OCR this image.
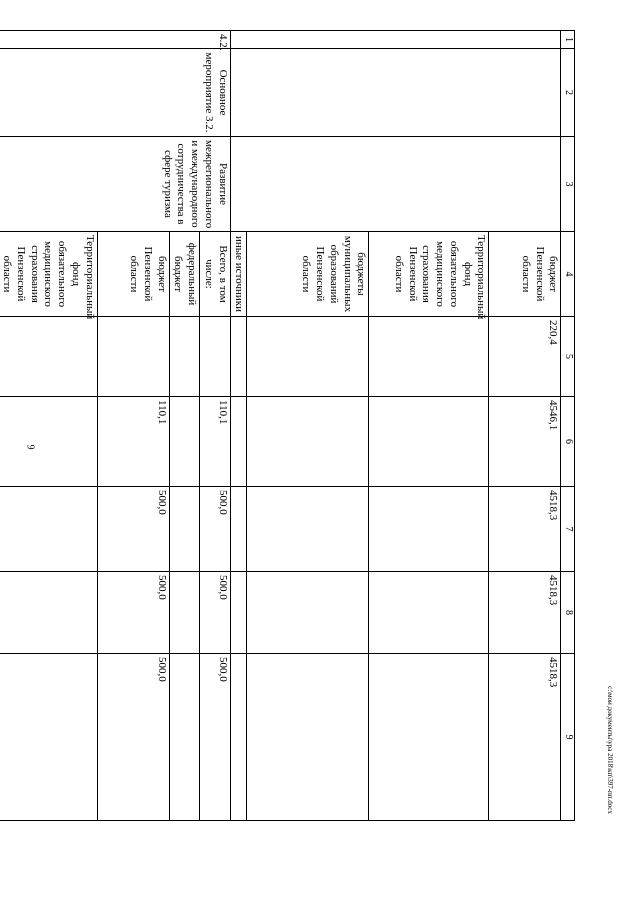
9
1	2	3	4	5	6	7	8	9
			бюджет Пензенской области	220,4	4546,1	4518,3	4518,3	4518,3
			Территориальный фонд обязательного медицинского страхования Пензенской области					
			бюджеты муниципальных образований Пензенской области					
			иные источники					
4.2.	Основное мероприятие 3.2.	Развитие межрегионального и международного сотрудничества в сфере туризма	Всего, в том числе:		110,1	500,0	500,0	500,0
			федеральный бюджет					
			бюджет Пензенской области		110,1	500,0	500,0	500,0
			Территориальный фонд обязательного медицинского страхования Пензенской области					

c:\мои документы\ура 2018\кп\397-пп.docx
